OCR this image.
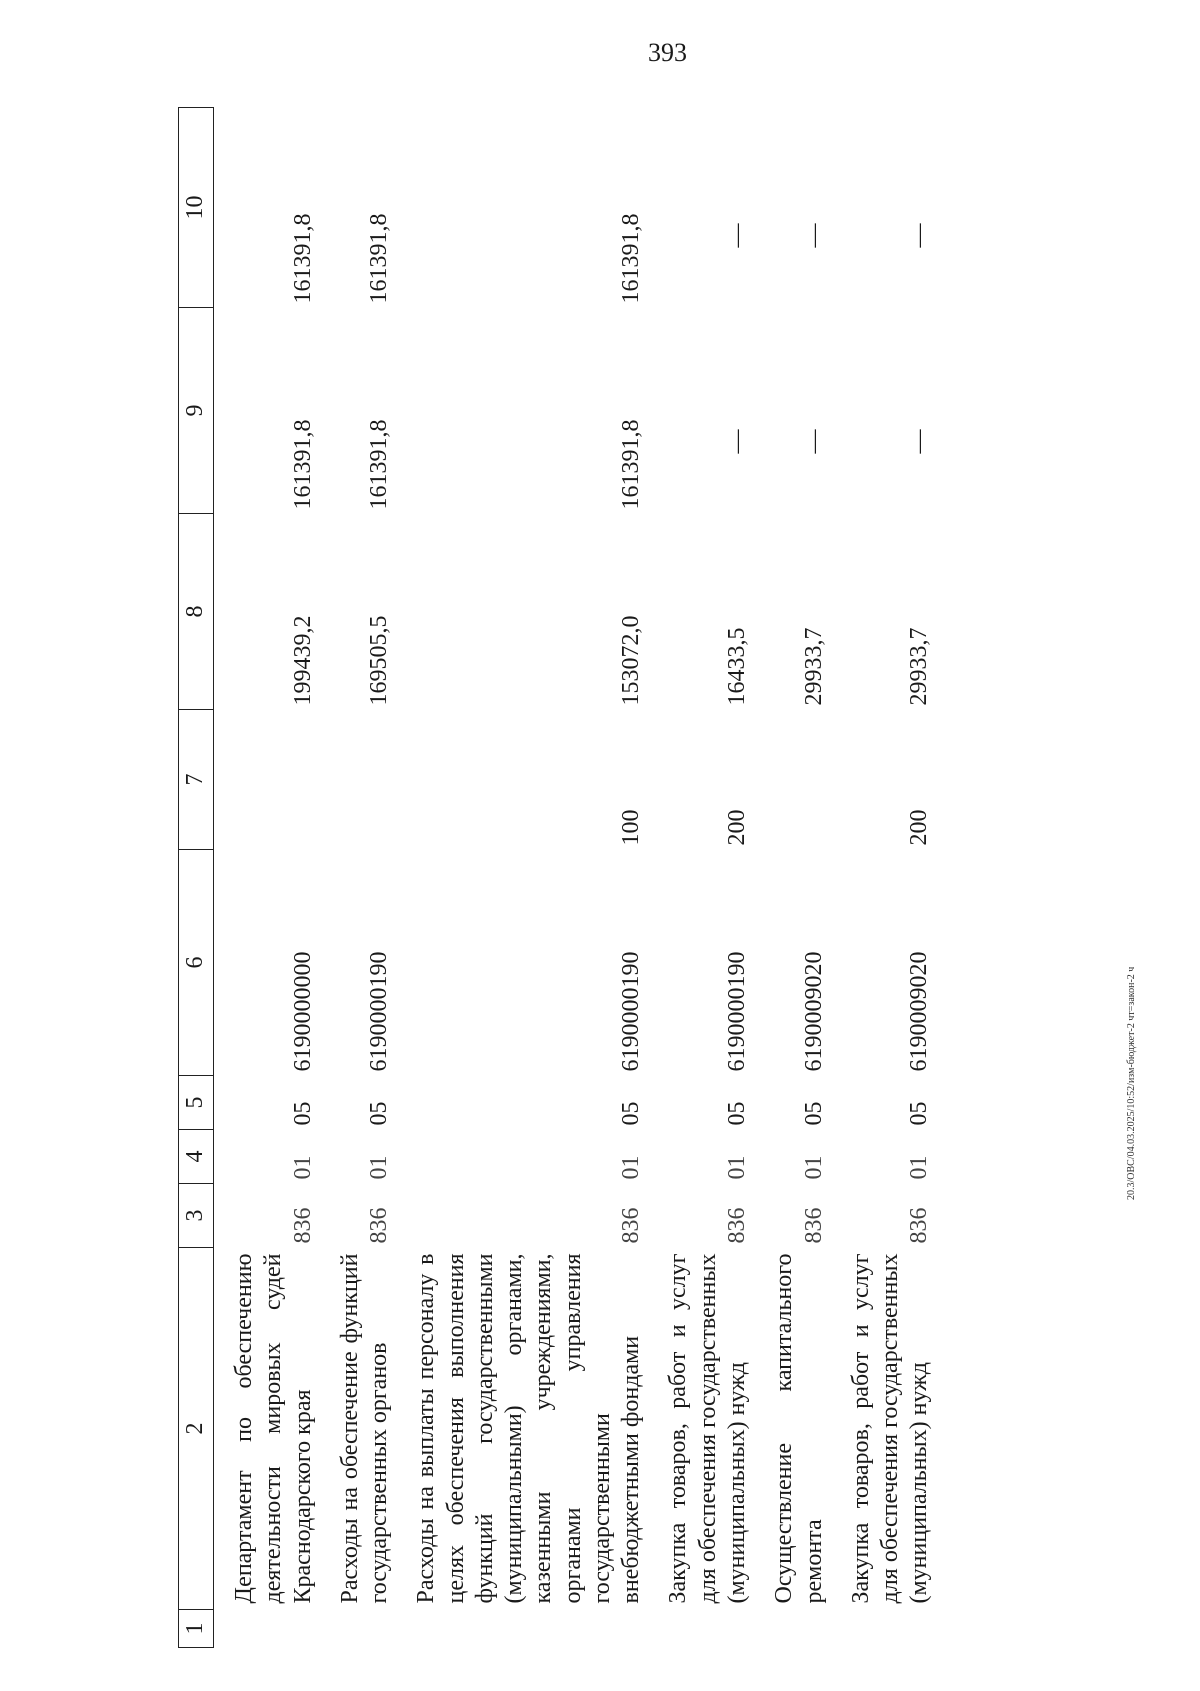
393
20.3/ОВС/04.03.2025/10:52/изм-бюджет-2 чт=закон-2 ч
1	2	3	4	5	6	7	8	9	10
	Департамент по обеспечению деятельности мировых судей Краснодарского края	836	01	05	6190000000		199439,2	161391,8	161391,8
	Расходы на обеспечение функций государственных органов	836	01	05	6190000190		169505,5	161391,8	161391,8
	Расходы на выплаты персоналу в целях обеспечения выполнения функций государственными (муниципальными) органами, казенными учреждениями, органами управления государственными внебюджетными фондами	836	01	05	6190000190	100	153072,0	161391,8	161391,8
	Закупка товаров, работ и услуг для обеспечения государственных (муниципальных) нужд	836	01	05	6190000190	200	16433,5	—	—
	Осуществление капитального ремонта	836	01	05	6190009020		29933,7	—	—
	Закупка товаров, работ и услуг для обеспечения государственных (муниципальных) нужд	836	01	05	6190009020	200	29933,7	—	—
